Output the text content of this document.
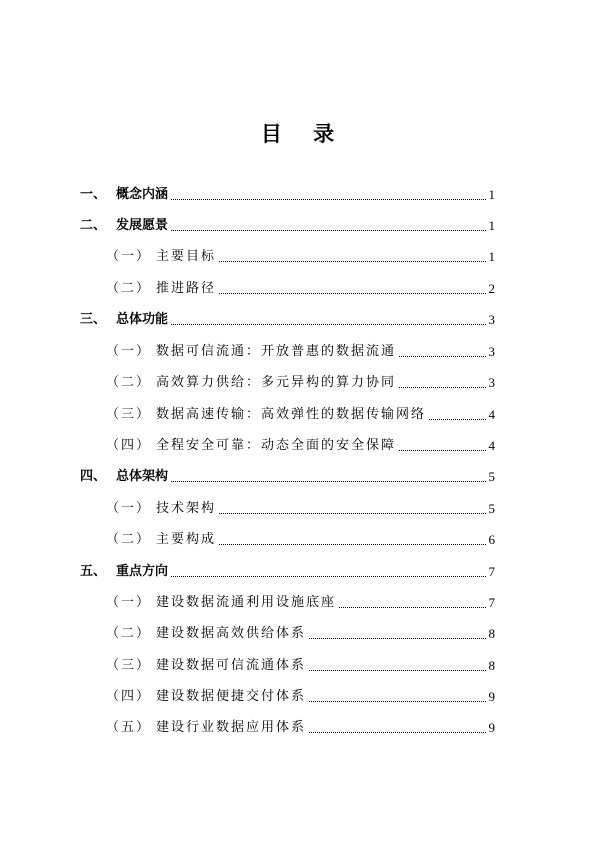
目 录
一、 概念内涵	1
二、 发展愿景	1
（一） 主要目标	1
（二） 推进路径	2
三、 总体功能	3
（一） 数据可信流通：开放普惠的数据流通	3
（二） 高效算力供给：多元异构的算力协同	3
（三） 数据高速传输：高效弹性的数据传输网络	4
（四） 全程安全可靠：动态全面的安全保障	4
四、 总体架构	5
（一） 技术架构	5
（二） 主要构成	6
五、 重点方向	7
（一） 建设数据流通利用设施底座	7
（二） 建设数据高效供给体系	8
（三） 建设数据可信流通体系	8
（四） 建设数据便捷交付体系	9
（五） 建设行业数据应用体系	9
